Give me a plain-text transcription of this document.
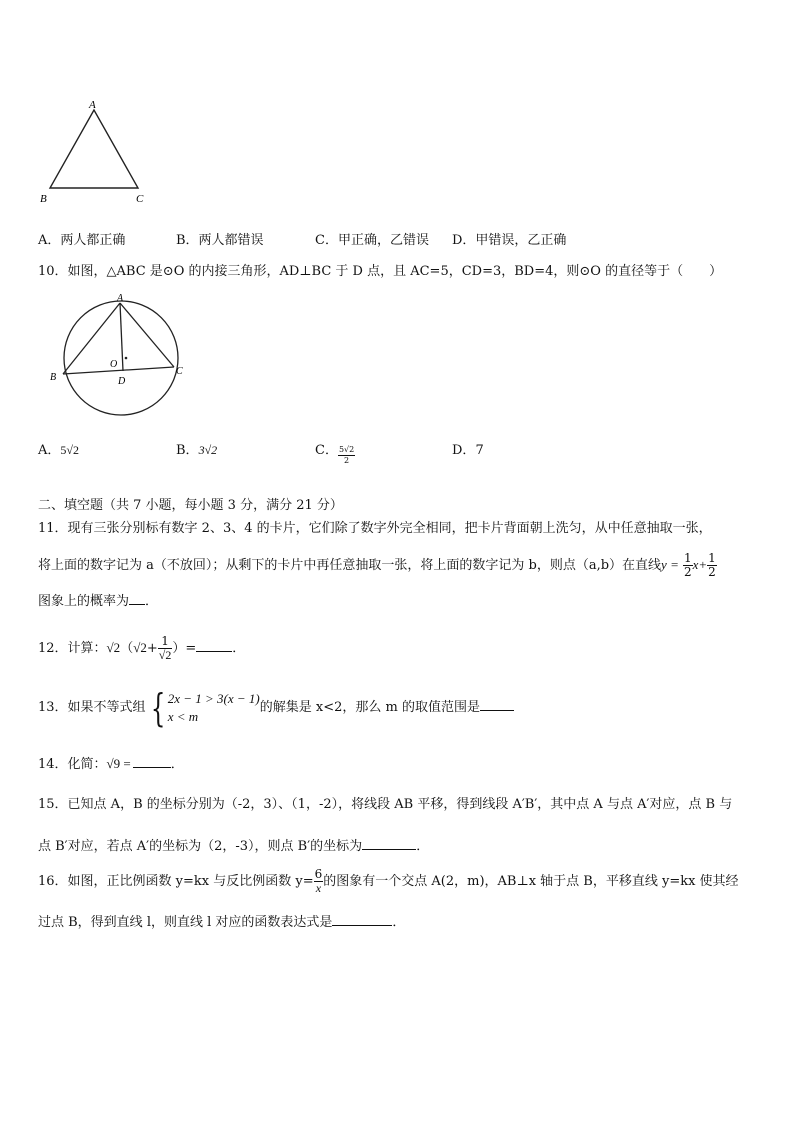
A
B	C
A．两人都正确	B．两人都错误	C．甲正确，乙错误 D．甲错误，乙正确
10．如图，△ABC 是⊙O 的内接三角形，AD⊥BC 于 D 点，且 AC=5，CD=3，BD=4，则⊙O 的直径等于（　　）
A
B
C
D
O
A．5√2	B．3√2	C． $\frac{5√2}{2}$	D．7
二、填空题（共 7 小题，每小题 3 分，满分 21 分）
11．现有三张分别标有数字 2、3、4 的卡片，它们除了数字外完全相同，把卡片背面朝上洗匀，从中任意抽取一张，
将上面的数字记为 a（不放回）；从剩下的卡片中再任意抽取一张，将上面的数字记为 b，则点（a,b）在直线$y = \frac{1}{2} x+ \frac{1}{2}$
图象上的概率为 ．
12．计算：$√2(√2+ \frac{1}{√2}$ ）=	．
13．如果不等式组 { 2x − 1 > 3(x − 1)
x < m
的解集是 x<2，那么 m 的取值范围是
14．化简：√9 =	．
15．已知点 A，B 的坐标分别为（-2，3）、（1，-2），将线段 AB 平移，得到线段 A′B′，其中点 A 与点 A′对应，点 B 与
点 B′对应，若点 A′的坐标为（2，-3），则点 B′的坐标为	．
16．如图，正比例函数 y=kx 与反比例函数 $y= \frac{6}{x}$ 的图象有一个交点 A(2，m)，AB⊥x 轴于点 B，平移直线 y=kx 使其经
过点 B，得到直线 l，则直线 l 对应的函数表达式是	．
